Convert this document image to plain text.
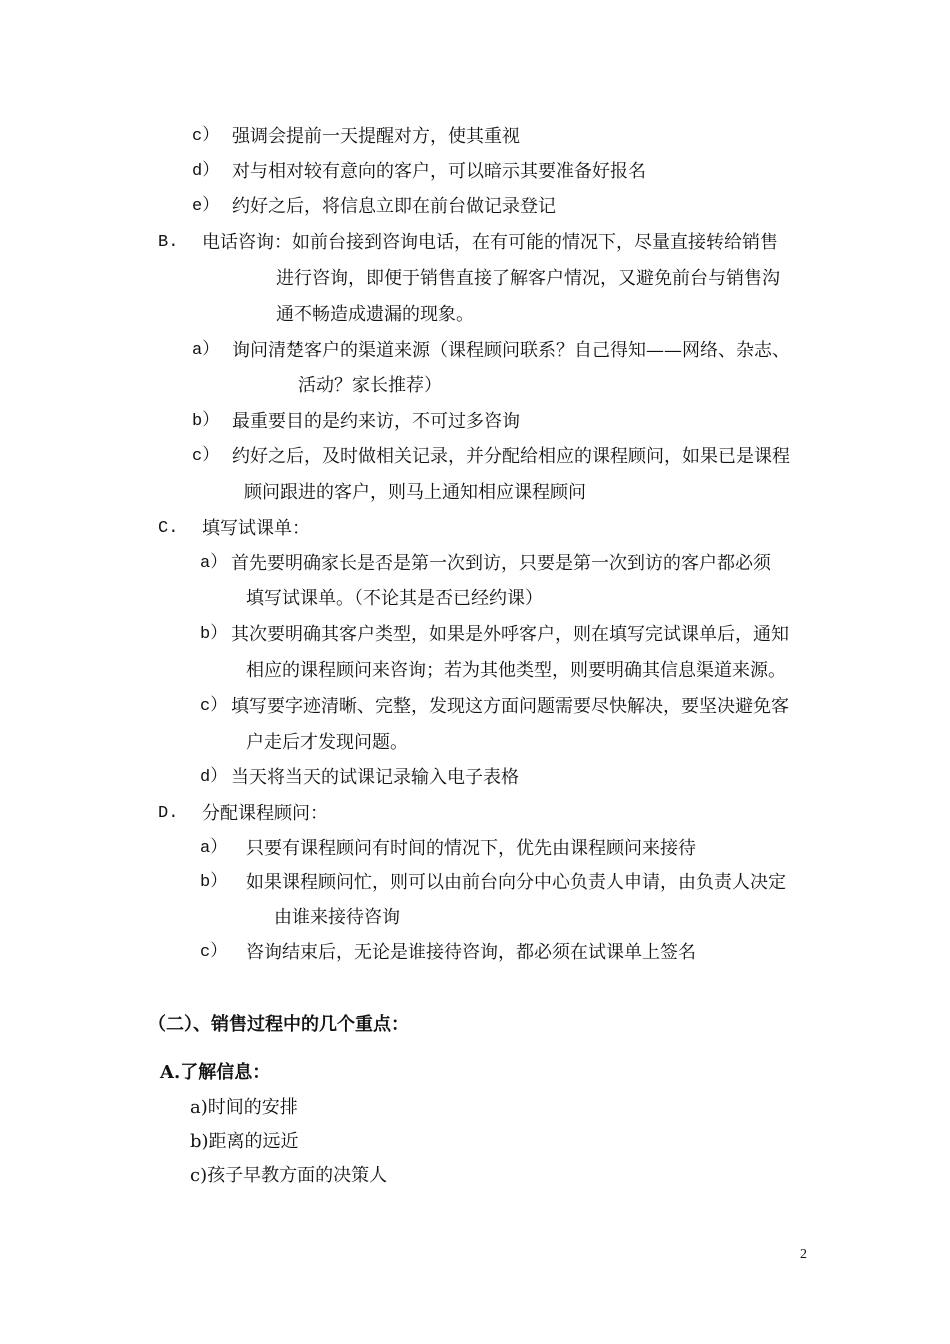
c） 强调会提前一天提醒对方，使其重视
d） 对与相对较有意向的客户，可以暗示其要准备好报名
e） 约好之后，将信息立即在前台做记录登记
B. 电话咨询：如前台接到咨询电话，在有可能的情况下，尽量直接转给销售
进行咨询，即便于销售直接了解客户情况，又避免前台与销售沟
通不畅造成遗漏的现象。
a） 询问清楚客户的渠道来源（课程顾问联系？自己得知——网络、杂志、
活动？家长推荐）
b） 最重要目的是约来访，不可过多咨询
c） 约好之后，及时做相关记录，并分配给相应的课程顾问，如果已是课程
顾问跟进的客户，则马上通知相应课程顾问
C. 填写试课单：
a） 首先要明确家长是否是第一次到访，只要是第一次到访的客户都必须
填写试课单。（不论其是否已经约课）
b） 其次要明确其客户类型，如果是外呼客户，则在填写完试课单后，通知
相应的课程顾问来咨询；若为其他类型，则要明确其信息渠道来源。
c） 填写要字迹清晰、完整，发现这方面问题需要尽快解决，要坚决避免客
户走后才发现问题。
d） 当天将当天的试课记录输入电子表格
D. 分配课程顾问：
a） 只要有课程顾问有时间的情况下，优先由课程顾问来接待
b） 如果课程顾问忙，则可以由前台向分中心负责人申请，由负责人决定
由谁来接待咨询
c） 咨询结束后，无论是谁接待咨询，都必须在试课单上签名
（二）、销售过程中的几个重点：
A.了解信息：
a)时间的安排
b)距离的远近
c)孩子早教方面的决策人
2
